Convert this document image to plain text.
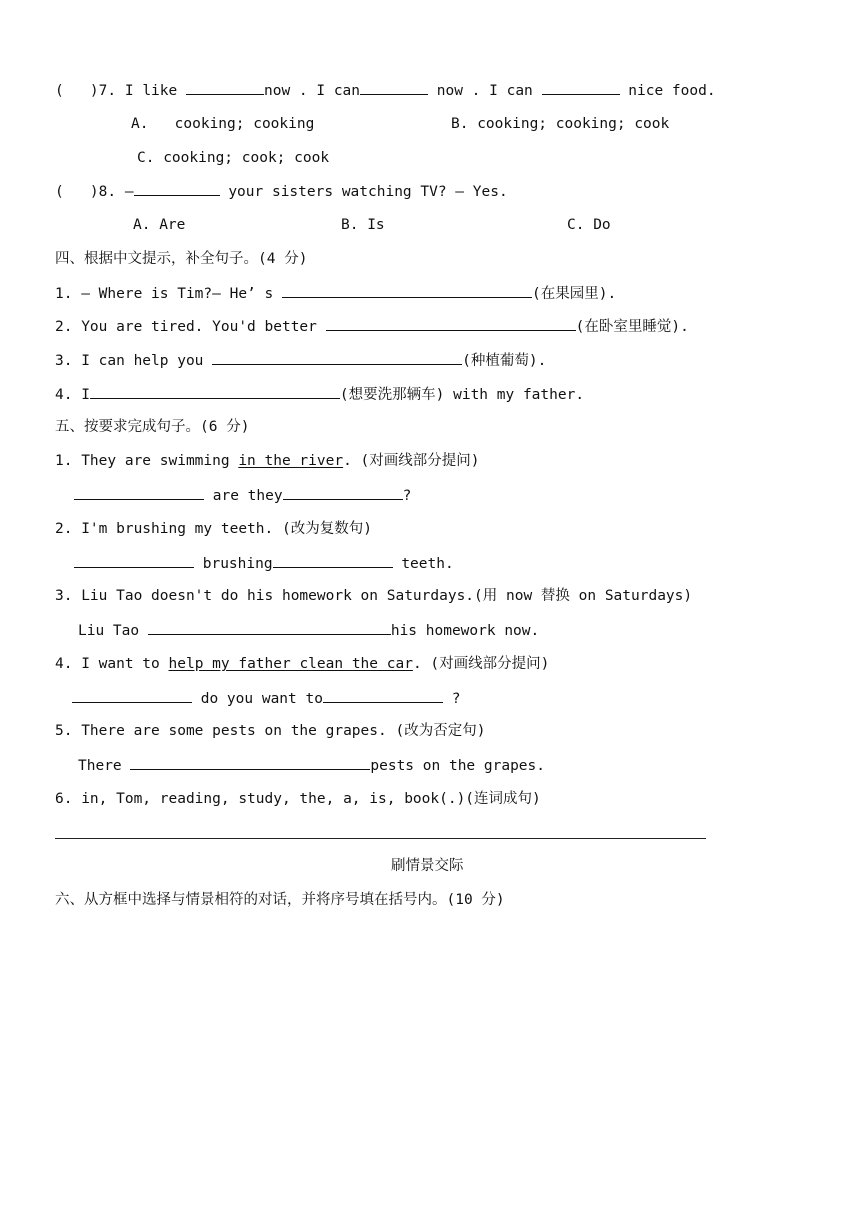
(   )7. I like	now . I can	now . I can	nice food.
A.   cooking; cooking	B. cooking; cooking; cook
C. cooking; cook; cook
(   )8. —	your sisters watching TV? — Yes.
A. Are	B. Is	C. Do
四、根据中文提示，补全句子。(4 分)
1. — Where is Tim?— He’ s	(在果园里).
2. You are tired. You'd better	(在卧室里睡觉).
3. I can help you	(种植葡萄).
4. I	(想要洗那辆车) with my father.
五、按要求完成句子。(6 分)
1. They are swimming in the river. (对画线部分提问)
are they	?
2. I'm brushing my teeth. (改为复数句)
brushing	teeth.
3. Liu Tao doesn't do his homework on Saturdays.(用 now 替换 on Saturdays)
Liu Tao	his homework now.
4. I want to help my father clean the car. (对画线部分提问)
do you want to	?
5. There are some pests on the grapes. (改为否定句)
There	pests on the grapes.
6. in, Tom, reading, study, the, a, is, book(.)(连词成句)
刷情景交际
六、从方框中选择与情景相符的对话，并将序号填在括号内。(10 分)
